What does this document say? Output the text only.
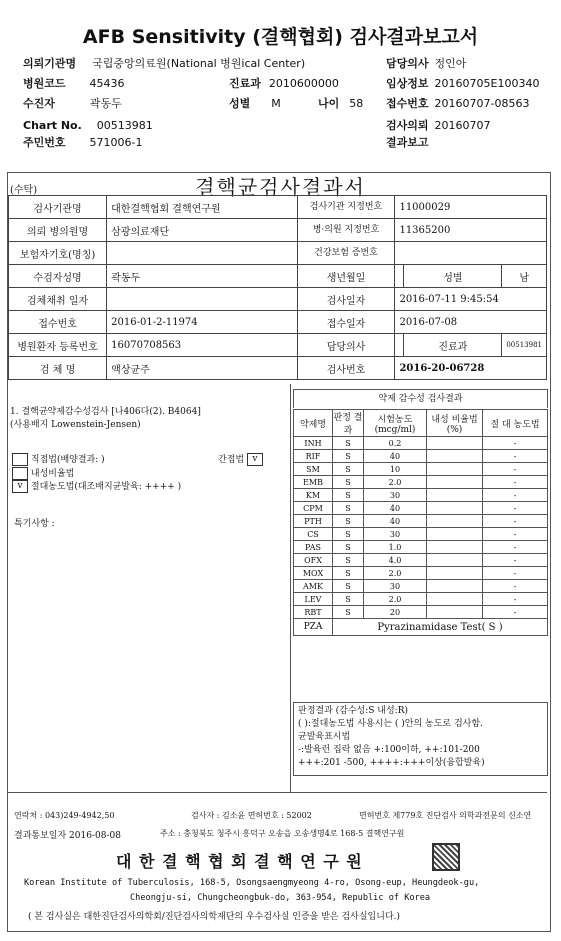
AFB Sensitivity (결핵협회) 검사결과보고서
의뢰기관명 국립중앙의료원(National 병원ical Center)	담당의사 정인아
병원코드 45436	진료과 2010600000	임상정보 20160705E100340
수진자	곽동두	성별 M	나이 58 접수번호 20160707-08563
Chart No. 00513981	검사의뢰 20160707
주민번호 571006-1	결과보고
(수탁)	결핵균검사결과서
검사기관명	대한결핵협회 결핵연구원	검사기관 지정번호	11000029		
의뢰 병의원명	삼광의료재단	병·의원 지정번호	11365200		
보험자기호(명칭)		건강보험 증번호			
수검자성명	곽동두	생년월일		성별	남
검체채취 일자		검사일자	2016-07-11 9:45:54		
접수번호	2016-01-2-11974	접수일자	2016-07-08		
병원환자 등록번호	16070708563	담당의사		진료과	00513981
검 체 명	액상균주	검사번호	2016-20-06728		
1. 결핵균약제감수성검사 [나406다(2). B4064]
(사용배지 Lowenstein-Jensen)
직접법(배양결과: )	간접법 v
내성비율법
v 절대농도법(대조배지균발육: ++++ )
특기사항 :
약제 감수성 검사결과
약제명	판정 결과	시험농도 (mcg/ml)	내성 비율법(%)	절 대 농도법
INH	S	0.2		-
RIF	S	40		-
SM	S	10		-
EMB	S	2.0		-
KM	S	30		-
CPM	S	40		-
PTH	S	40		-
CS	S	30		-
PAS	S	1.0		-
OFX	S	4.0		-
MOX	S	2.0		-
AMK	S	30		-
LEV	S	2.0		-
RBT	S	20		-
PZA	Pyrazinamidase Test( S )			
판정결과 (감수성:S 내성:R)
( ):절대농도법 사용시는 ( )안의 농도로 검사함.
균발육표시법
-:발육런 집락 없음 +:100이하, ++:101-200
+++:201 -500, ++++:+++이상(융합발육)
연락처 : 043)249-4942,50	검사자 : 김소윤 면허번호 : 52002	면허번호 제779호 진단검사 의학과전문의 신소연
결과통보일자 2016-08-08	주소 : 충청북도 청주시 흥덕구 오송읍 오송생명4로 168-5 결핵연구원
대 한 결 핵 협 회 결 핵 연 구 원
Korean Institute of Tuberculosis, 168-5, Osongsaengmyeong 4-ro, Osong-eup, Heungdeok-gu,
Cheongju-si, Chungcheongbuk-do, 363-954, Republic of Korea
( 본 검사실은 대한진단검사의학회/진단검사의학재단의 우수검사실 인증을 받은 검사실입니다.)
